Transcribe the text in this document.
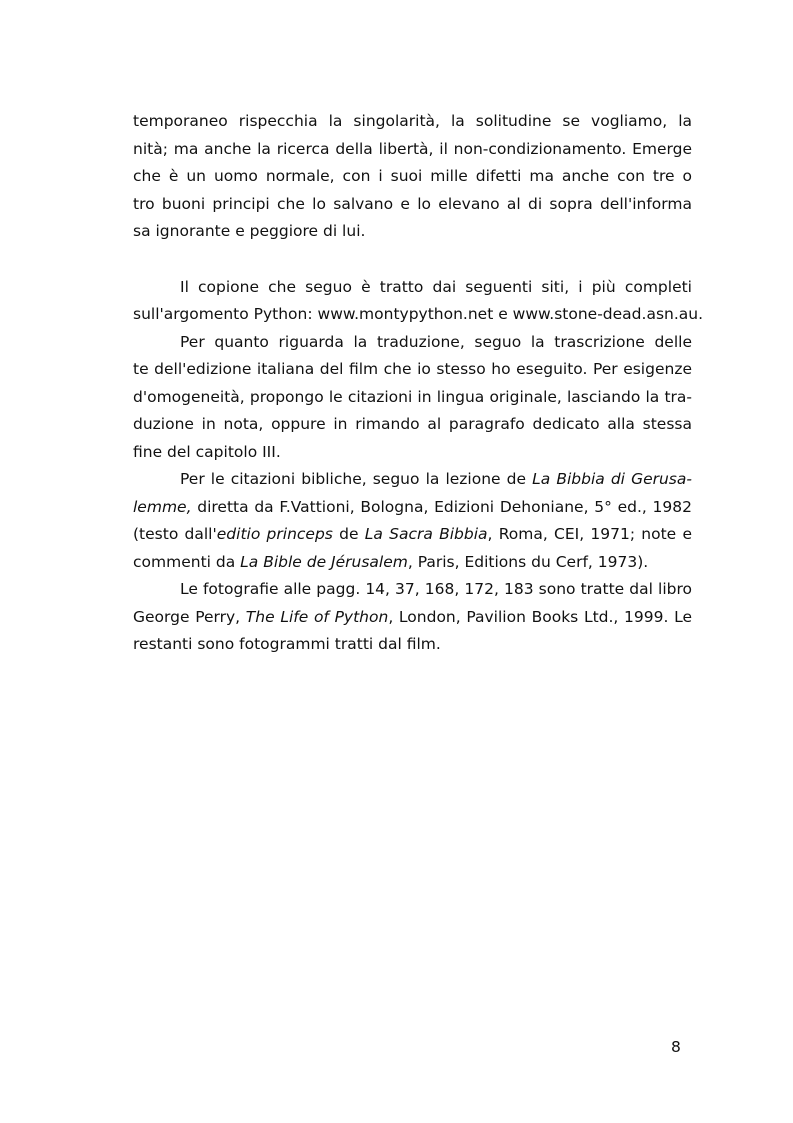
temporaneo rispecchia la singolarità, la solitudine se vogliamo, la
nità; ma anche la ricerca della libertà, il non-condizionamento. Emerge
che è un uomo normale, con i suoi mille difetti ma anche con tre o
tro buoni principi che lo salvano e lo elevano al di sopra dell'informa
sa ignorante e peggiore di lui.
Il copione che seguo è tratto dai seguenti siti, i più completi
sull'argomento Python: www.montypython.net e www.stone-dead.asn.au.
Per quanto riguarda la traduzione, seguo la trascrizione delle
te dell'edizione italiana del film che io stesso ho eseguito. Per esigenze
d'omogeneità, propongo le citazioni in lingua originale, lasciando la tra-
duzione in nota, oppure in rimando al paragrafo dedicato alla stessa
fine del capitolo III.
Per le citazioni bibliche, seguo la lezione de La Bibbia di Gerusa-
lemme, diretta da F.Vattioni, Bologna, Edizioni Dehoniane, 5° ed., 1982
(testo dall'editio princeps de La Sacra Bibbia, Roma, CEI, 1971; note e
commenti da La Bible de Jérusalem, Paris, Editions du Cerf, 1973).
Le fotografie alle pagg. 14, 37, 168, 172, 183 sono tratte dal libro
George Perry, The Life of Python, London, Pavilion Books Ltd., 1999. Le
restanti sono fotogrammi tratti dal film.
8
